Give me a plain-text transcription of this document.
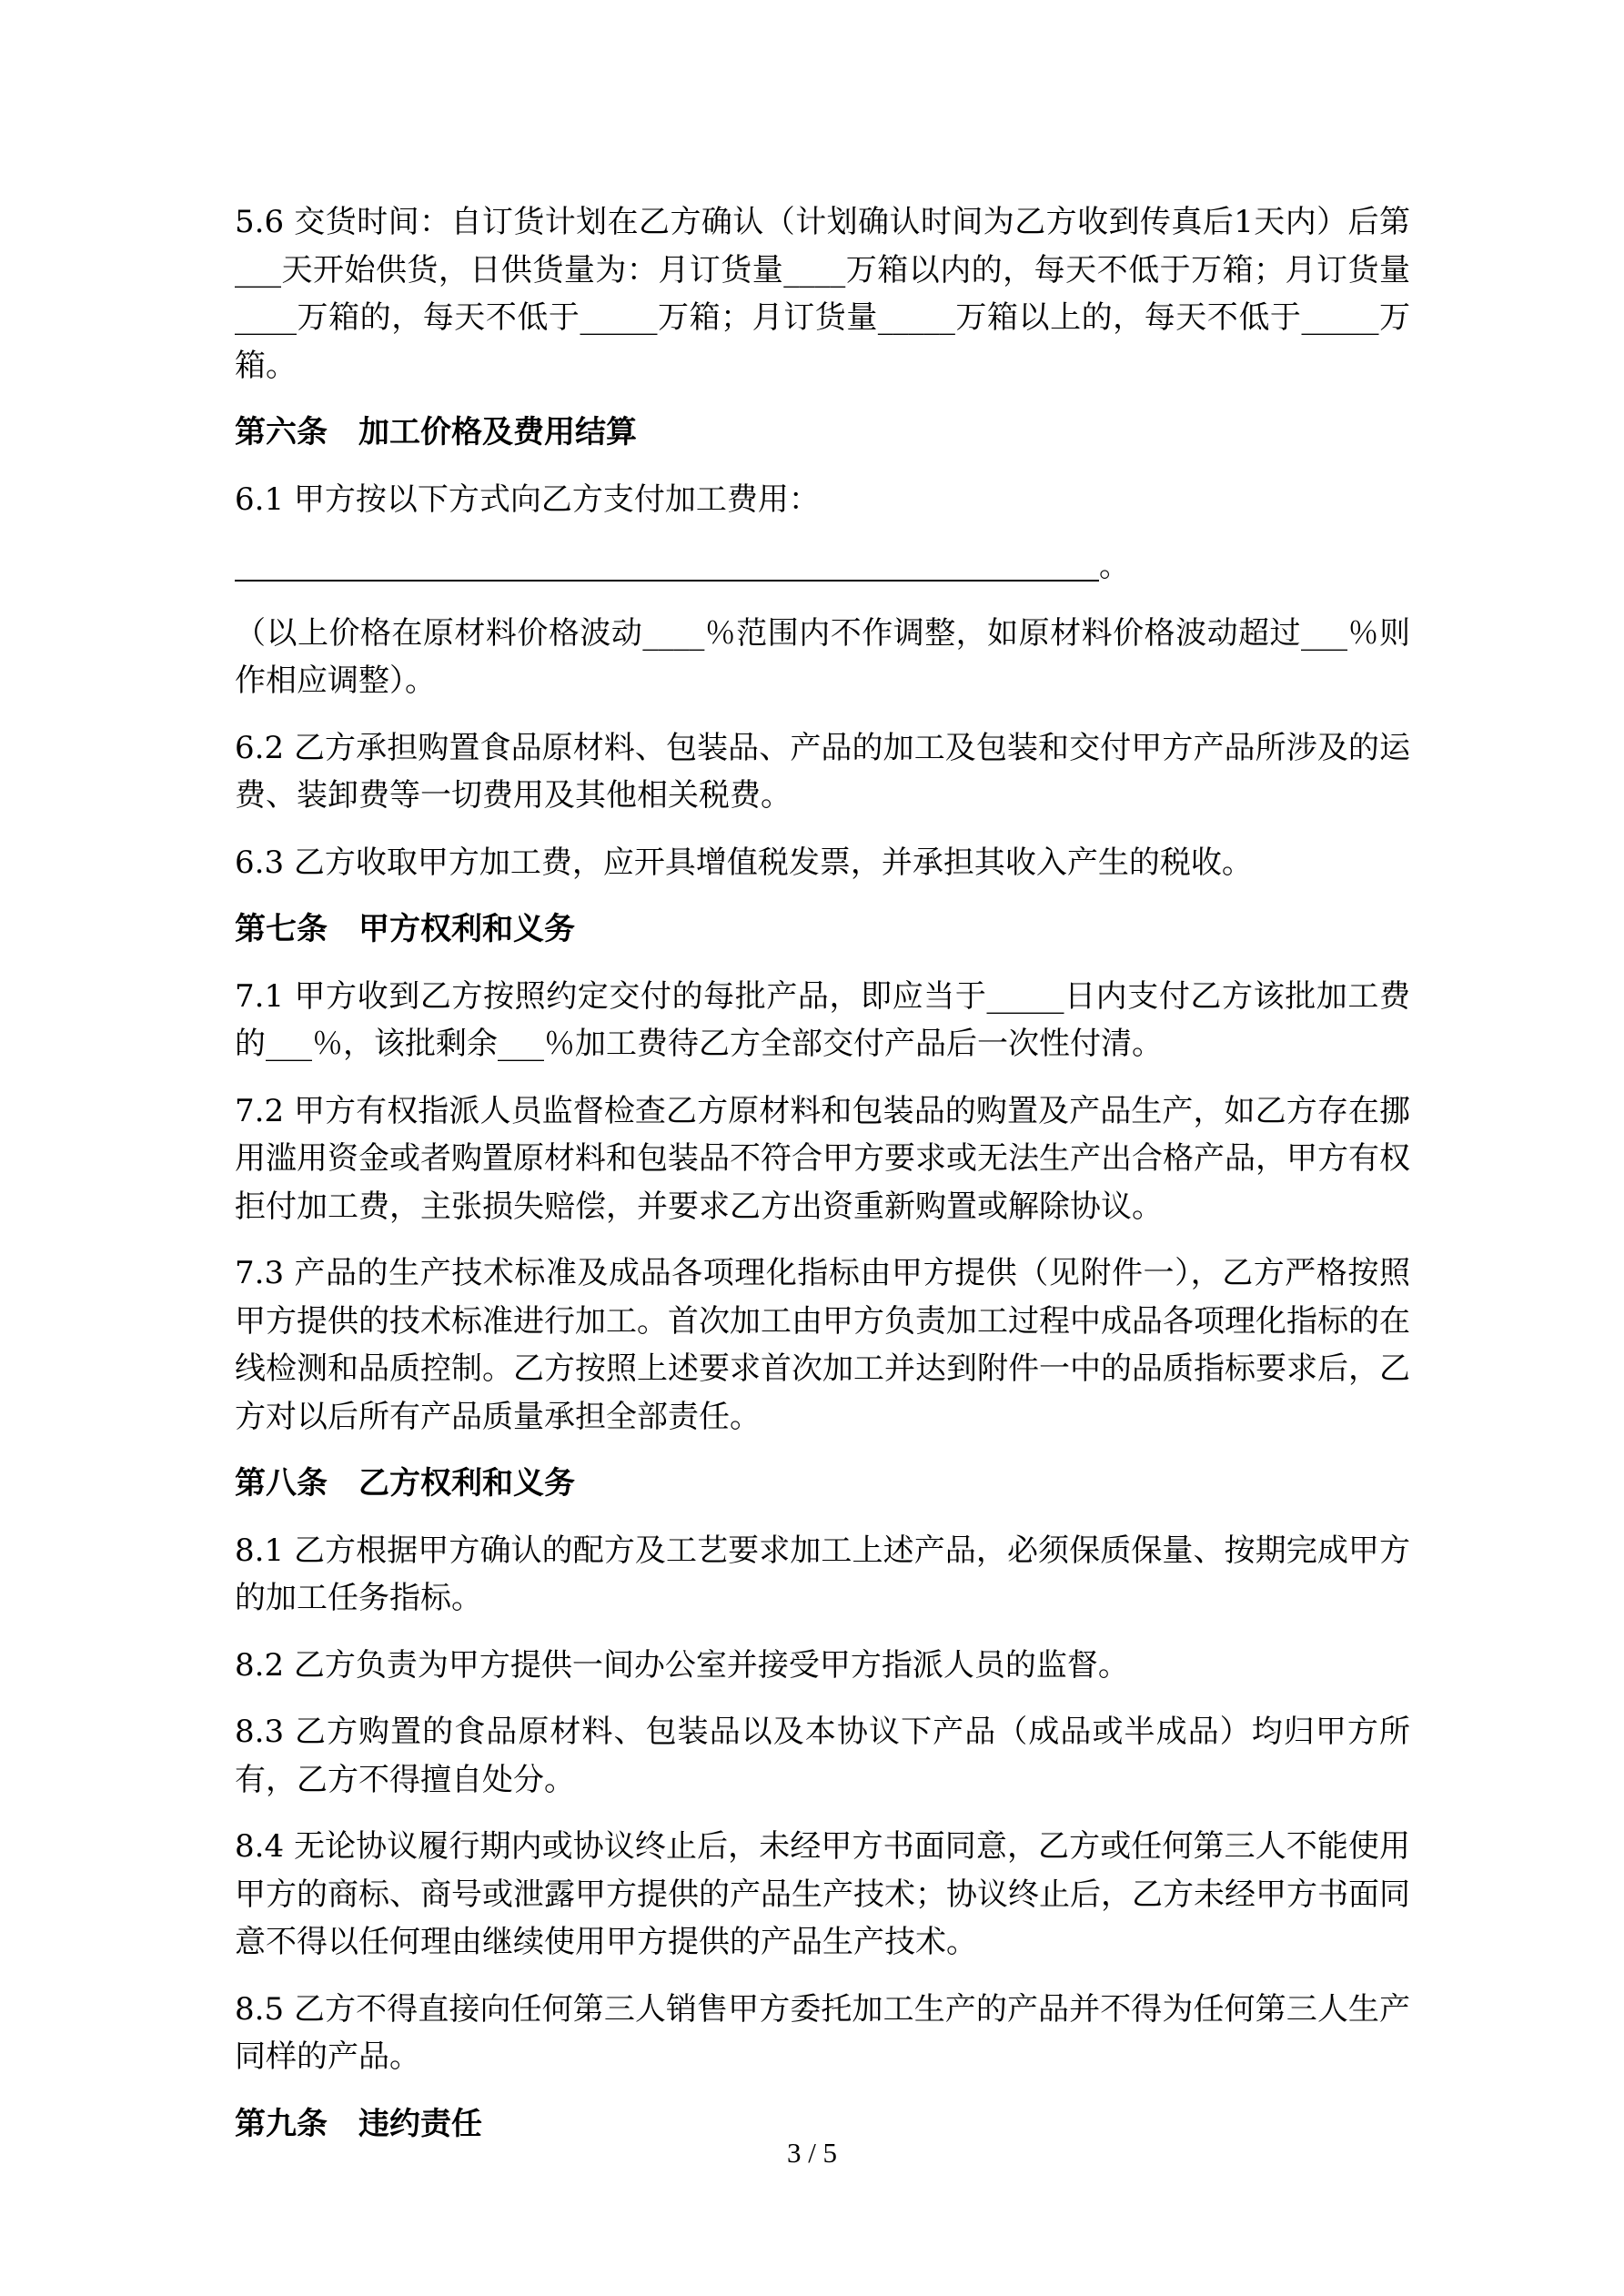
5.6 交货时间：自订货计划在乙方确认（计划确认时间为乙方收到传真后1天内）后第___天开始供货，日供货量为：月订货量____万箱以内的，每天不低于万箱；月订货量____万箱的，每天不低于_____万箱；月订货量_____万箱以上的，每天不低于_____万箱。

第六条　加工价格及费用结算

6.1 甲方按以下方式向乙方支付加工费用：

。

（以上价格在原材料价格波动____％范围内不作调整，如原材料价格波动超过___％则作相应调整）。

6.2 乙方承担购置食品原材料、包装品、产品的加工及包装和交付甲方产品所涉及的运费、装卸费等一切费用及其他相关税费。

6.3 乙方收取甲方加工费，应开具增值税发票，并承担其收入产生的税收。

第七条　甲方权利和义务

7.1 甲方收到乙方按照约定交付的每批产品，即应当于_____日内支付乙方该批加工费的___％，该批剩余___％加工费待乙方全部交付产品后一次性付清。

7.2 甲方有权指派人员监督检查乙方原材料和包装品的购置及产品生产，如乙方存在挪用滥用资金或者购置原材料和包装品不符合甲方要求或无法生产出合格产品，甲方有权拒付加工费，主张损失赔偿，并要求乙方出资重新购置或解除协议。

7.3 产品的生产技术标准及成品各项理化指标由甲方提供（见附件一），乙方严格按照甲方提供的技术标准进行加工。首次加工由甲方负责加工过程中成品各项理化指标的在线检测和品质控制。乙方按照上述要求首次加工并达到附件一中的品质指标要求后，乙方对以后所有产品质量承担全部责任。

第八条　乙方权利和义务

8.1 乙方根据甲方确认的配方及工艺要求加工上述产品，必须保质保量、按期完成甲方的加工任务指标。

8.2 乙方负责为甲方提供一间办公室并接受甲方指派人员的监督。

8.3 乙方购置的食品原材料、包装品以及本协议下产品（成品或半成品）均归甲方所有，乙方不得擅自处分。

8.4 无论协议履行期内或协议终止后，未经甲方书面同意，乙方或任何第三人不能使用甲方的商标、商号或泄露甲方提供的产品生产技术；协议终止后，乙方未经甲方书面同意不得以任何理由继续使用甲方提供的产品生产技术。

8.5 乙方不得直接向任何第三人销售甲方委托加工生产的产品并不得为任何第三人生产同样的产品。

第九条　违约责任

3 / 5
